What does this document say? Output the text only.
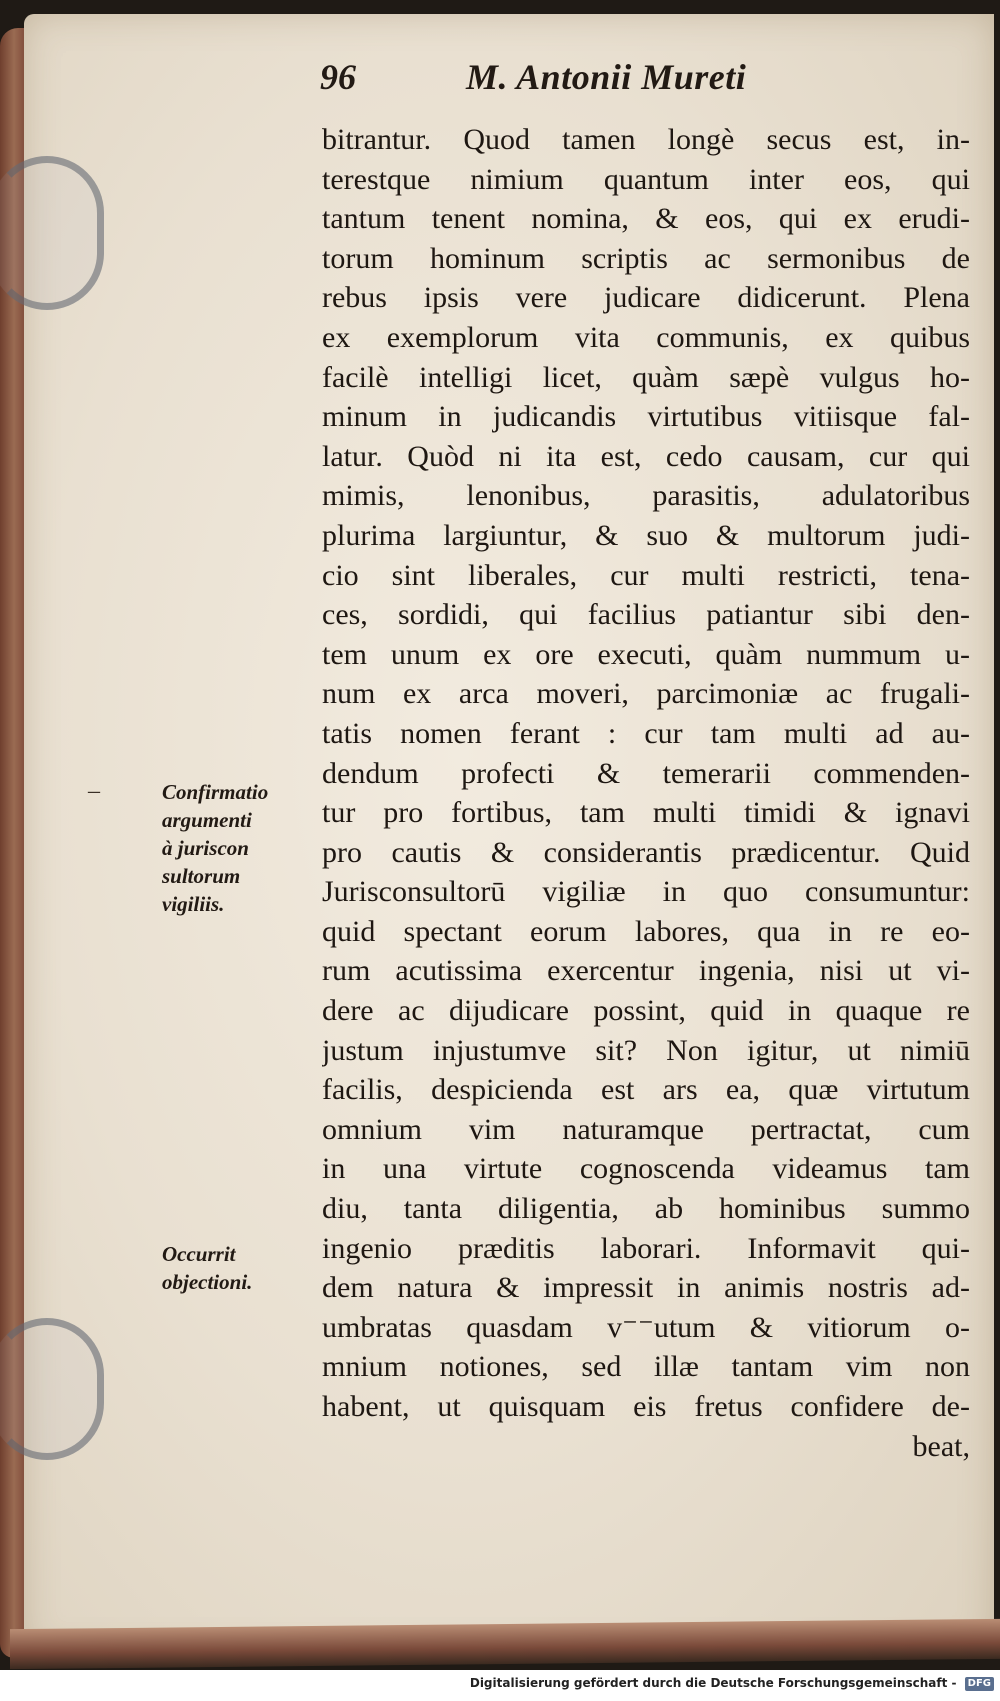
96	M. Antonii Mureti
–	Confirmatio
argumenti
à juriscon
sultorum
vigiliis.
Occurrit
objectioni.
bitrantur. Quod tamen longè secus est, in-
terestque nimium quantum inter eos, qui
tantum tenent nomina, & eos, qui ex erudi-
torum hominum scriptis ac sermonibus de
rebus ipsis vere judicare didicerunt. Plena
ex exemplorum vita communis, ex quibus
facilè intelligi licet, quàm sæpè vulgus ho-
minum in judicandis virtutibus vitiisque fal-
latur. Quòd ni ita est, cedo causam, cur qui
mimis, lenonibus, parasitis, adulatoribus
plurima largiuntur, & suo & multorum judi-
cio sint liberales, cur multi restricti, tena-
ces, sordidi, qui facilius patiantur sibi den-
tem unum ex ore executi, quàm nummum u-
num ex arca moveri, parcimoniæ ac frugali-
tatis nomen ferant : cur tam multi ad au-
dendum profecti & temerarii commenden-
tur pro fortibus, tam multi timidi & ignavi
pro cautis & considerantis prædicentur. Quid
Jurisconsultorū vigiliæ in quo consumuntur:
quid spectant eorum labores, qua in re eo-
rum acutissima exercentur ingenia, nisi ut vi-
dere ac dijudicare possint, quid in quaque re
justum injustumve sit? Non igitur, ut nimiū
facilis, despicienda est ars ea, quæ virtutum
omnium vim naturamque pertractat, cum
in una virtute cognoscenda videamus tam
diu, tanta diligentia, ab hominibus summo
ingenio præditis laborari. Informavit qui-
dem natura & impressit in animis nostris ad-
umbratas quasdam v⁻⁻utum & vitiorum o-
mnium notiones, sed illæ tantam vim non
habent, ut quisquam eis fretus confidere de-
beat,
Digitalisierung gefördert durch die Deutsche Forschungsgemeinschaft - DFG
